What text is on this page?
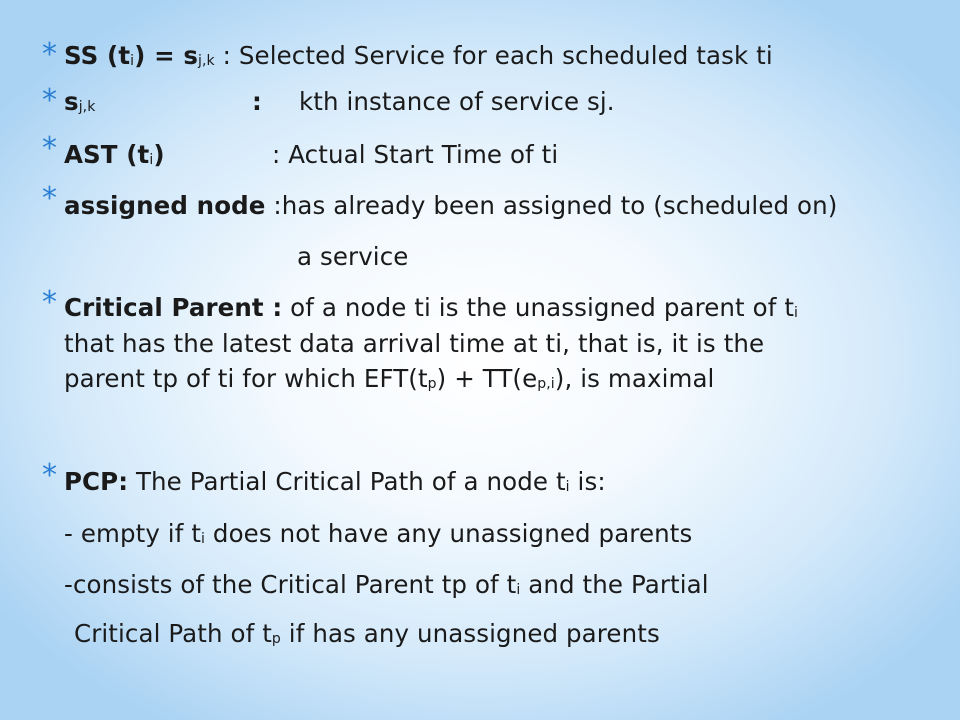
* SS (ti) = sj,k : Selected Service for each scheduled task ti
* sj,k	: kth instance of service sj.
* AST (ti)	: Actual Start Time of ti
* assigned node :has already been assigned to (scheduled on)
a service
* Critical Parent : of a node ti is the unassigned parent of ti
that has the latest data arrival time at ti, that is, it is the
parent tp of ti for which EFT(tp) + TT(ep,i), is maximal
* PCP: The Partial Critical Path of a node ti is:
- empty if ti does not have any unassigned parents
-consists of the Critical Parent tp of ti and the Partial
Critical Path of tp if has any unassigned parents
